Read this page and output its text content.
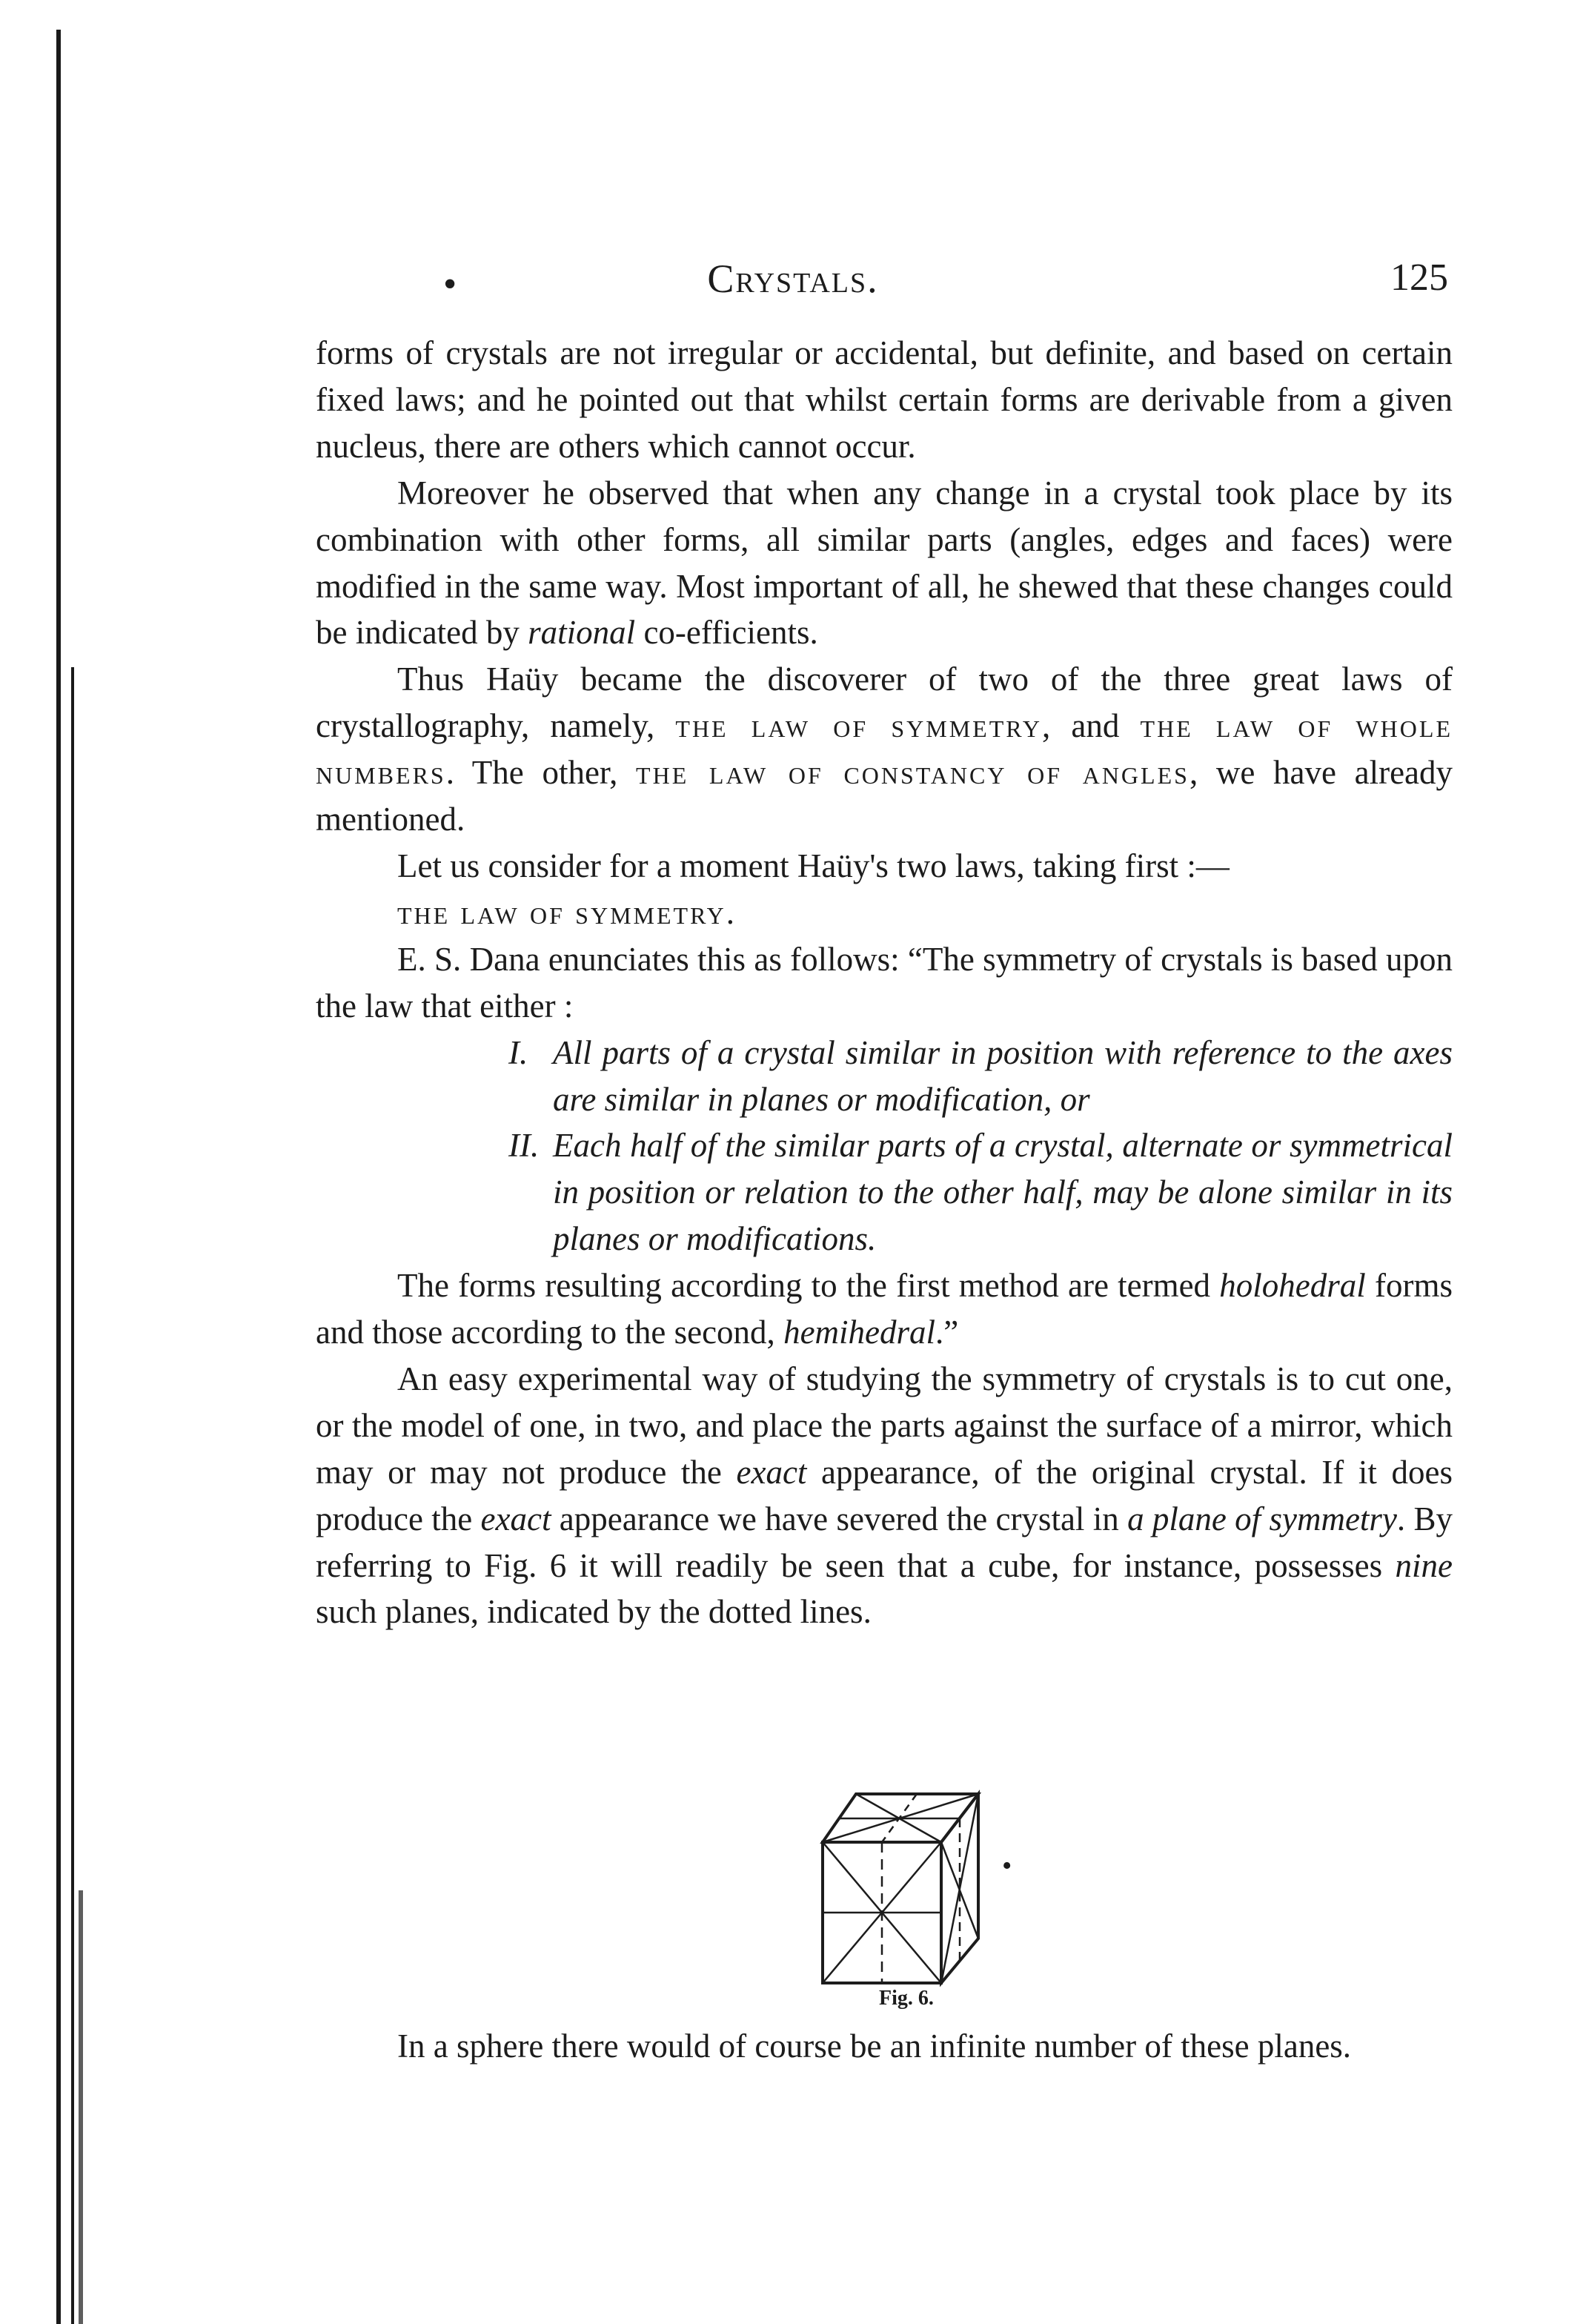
•	Crystals.	125

forms of crystals are not irregular or accidental, but definite, and based on certain fixed laws; and he pointed out that whilst certain forms are derivable from a given nucleus, there are others which cannot occur.

Moreover he observed that when any change in a crystal took place by its combination with other forms, all similar parts (angles, edges and faces) were modified in the same way. Most important of all, he shewed that these changes could be indicated by rational co-efficients.

Thus Haüy became the discoverer of two of the three great laws of crystallography, namely, the law of symmetry, and the law of whole numbers. The other, the law of constancy of angles, we have already mentioned.

Let us consider for a moment Haüy's two laws, taking first :—

the law of symmetry.

E. S. Dana enunciates this as follows: “The symmetry of crystals is based upon the law that either :

I. All parts of a crystal similar in position with reference to the axes are similar in planes or modification, or
II. Each half of the similar parts of a crystal, alternate or symmetrical in position or relation to the other half, may be alone similar in its planes or modifications.

The forms resulting according to the first method are termed holohedral forms and those according to the second, hemihedral.”

An easy experimental way of studying the symmetry of crystals is to cut one, or the model of one, in two, and place the parts against the surface of a mirror, which may or may not produce the exact appearance, of the original crystal. If it does produce the exact appearance we have severed the crystal in a plane of symmetry. By referring to Fig. 6 it will readily be seen that a cube, for instance, possesses nine such planes, indicated by the dotted lines.

•
Fig. 6.

In a sphere there would of course be an infinite number of these planes.
